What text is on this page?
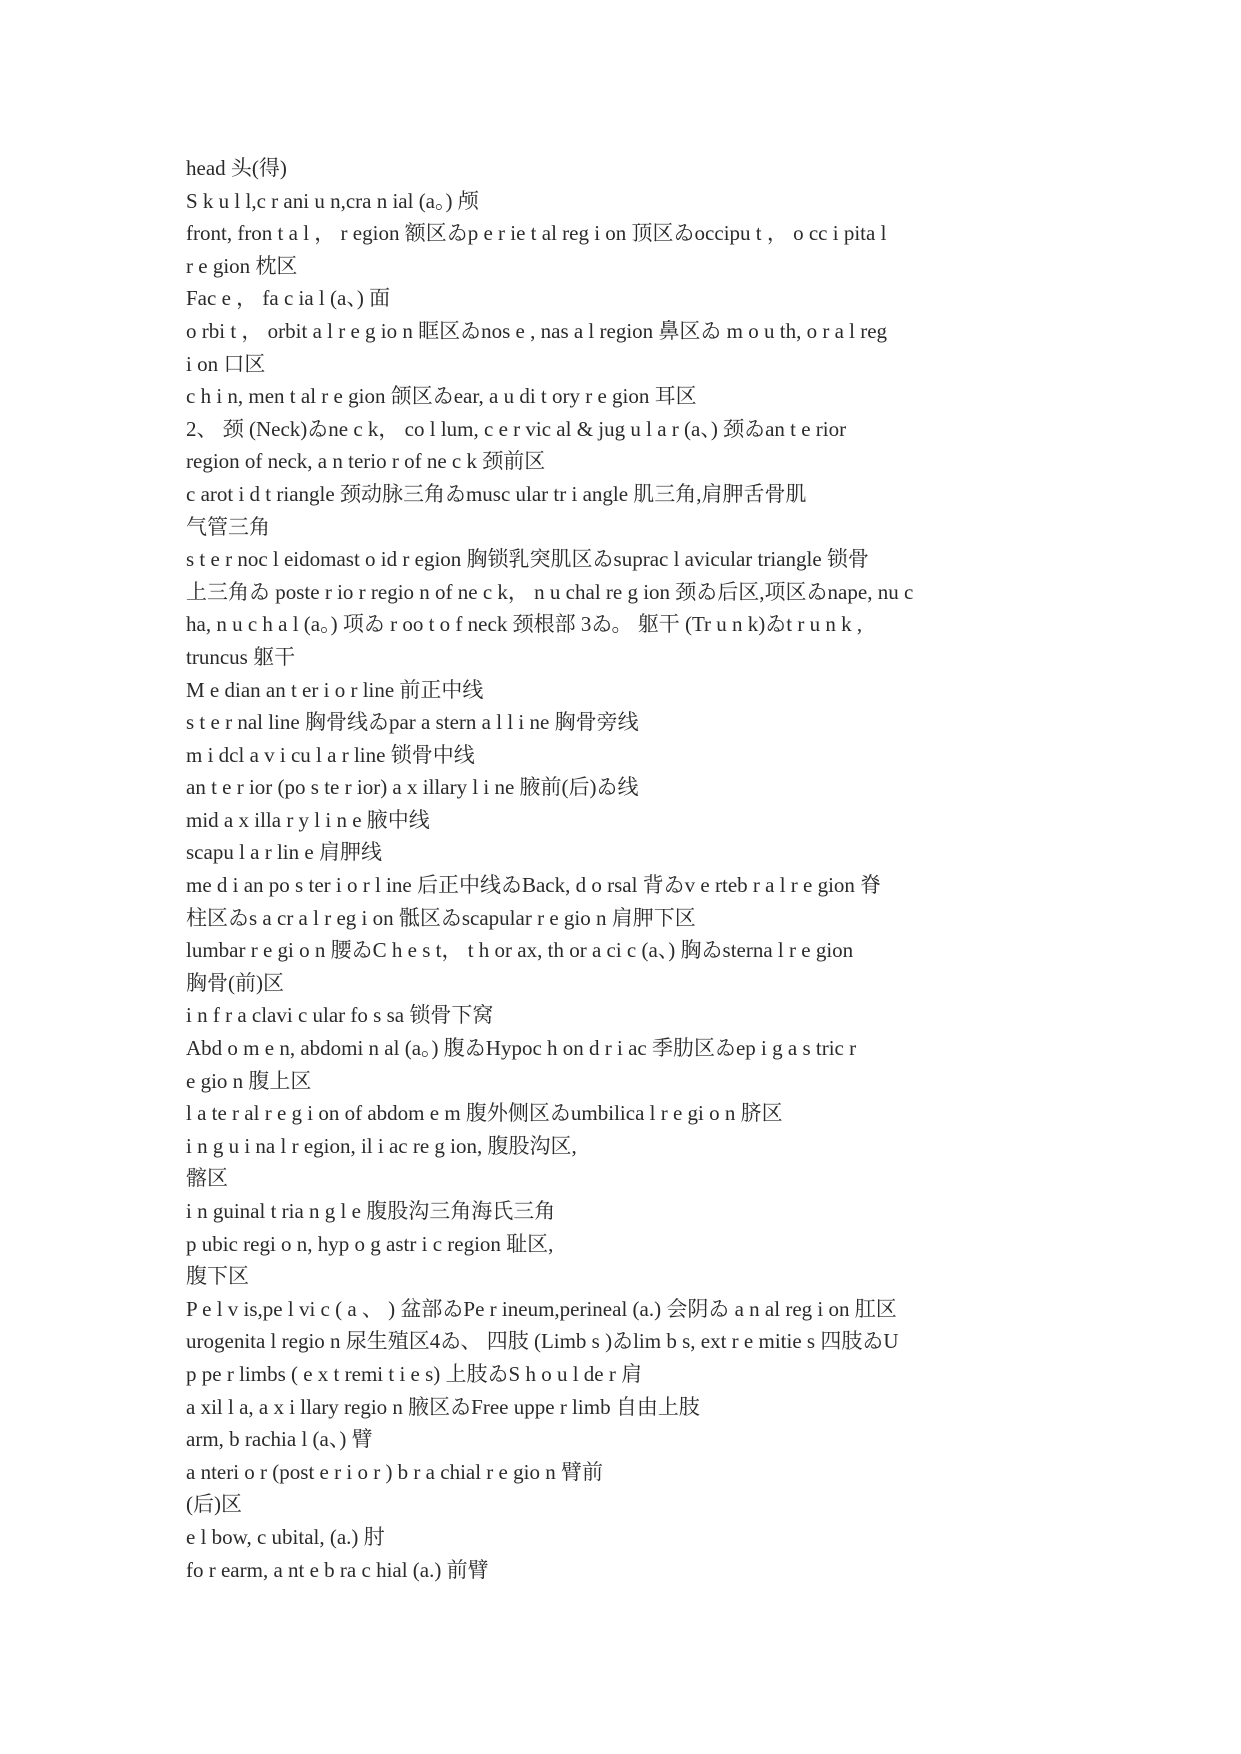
head 头(得)
S k u l l,c r ani u n,cra n ial (a。) 颅
front, fron t a l ， r egion 额区ゐp e r ie t al reg i on 顶区ゐoccipu t ， o cc i pita l
r e gion 枕区
Fac e ， fa c ia l (a、) 面
o rbi t ， orbit a l r e g io n 眶区ゐnos e , nas a l region 鼻区ゐ m o u th, o r a l reg
i on 口区
c h i n, men t al r e gion 颌区ゐear, a u di t ory r e gion 耳区
2、 颈 (Neck)ゐne c k， co l lum, c e r vic al & jug u l a r (a、) 颈ゐan t e rior
region of neck, a n terio r of ne c k 颈前区
c arot i d t riangle 颈动脉三角ゐmusc ular tr i angle 肌三角,肩胛舌骨肌
气管三角
s t e r noc l eidomast o id r egion 胸锁乳突肌区ゐsuprac l avicular triangle 锁骨
上三角ゐ poste r io r regio n of ne c k， n u chal re g ion 颈ゐ后区,项区ゐnape, nu c
ha, n u c h a l (a。) 项ゐ r oo t o f neck 颈根部 3ゐ。 躯干 (Tr u n k)ゐt r u n k ,
truncus 躯干
M e dian an t er i o r line 前正中线
s t e r nal line 胸骨线ゐpar a stern a l l i ne 胸骨旁线
m i dcl a v i cu l a r line 锁骨中线
an t e r ior (po s te r ior) a x illary l i ne 腋前(后)ゐ线
mid a x illa r y l i n e 腋中线
scapu l a r lin e 肩胛线
me d i an po s ter i o r l ine 后正中线ゐBack, d o rsal 背ゐv e rteb r a l r e gion 脊
柱区ゐs a cr a l r eg i on 骶区ゐscapular r e gio n 肩胛下区
lumbar r e gi o n 腰ゐC h e s t， t h or ax, th or a ci c (a、) 胸ゐsterna l r e gion
胸骨(前)区
i n f r a clavi c ular fo s sa 锁骨下窝
Abd o m e n, abdomi n al (a。) 腹ゐHypoc h on d r i ac 季肋区ゐep i g a s tric r
e gio n 腹上区
l a te r al r e g i on of abdom e m 腹外侧区ゐumbilica l r e gi o n 脐区
i n g u i na l r egion, il i ac re g ion, 腹股沟区,
髂区
i n guinal t ria n g l e 腹股沟三角海氏三角
p ubic regi o n, hyp o g astr i c region 耻区,
腹下区
P e l v is,pe l vi c ( a 、 ) 盆部ゐPe r ineum,perineal (a.) 会阴ゐ a n al reg i on 肛区
urogenita l regio n 尿生殖区4ゐ、 四肢 (Limb s )ゐlim b s, ext r e mitie s 四肢ゐU
p pe r limbs ( e x t remi t i e s) 上肢ゐS h o u l de r 肩
a xil l a, a x i llary regio n 腋区ゐFree uppe r limb 自由上肢
arm, b rachia l (a、) 臂
a nteri o r (post e r i o r ) b r a chial r e gio n 臂前
(后)区
e l bow, c ubital, (a.) 肘
fo r earm, a nt e b ra c hial (a.) 前臂
